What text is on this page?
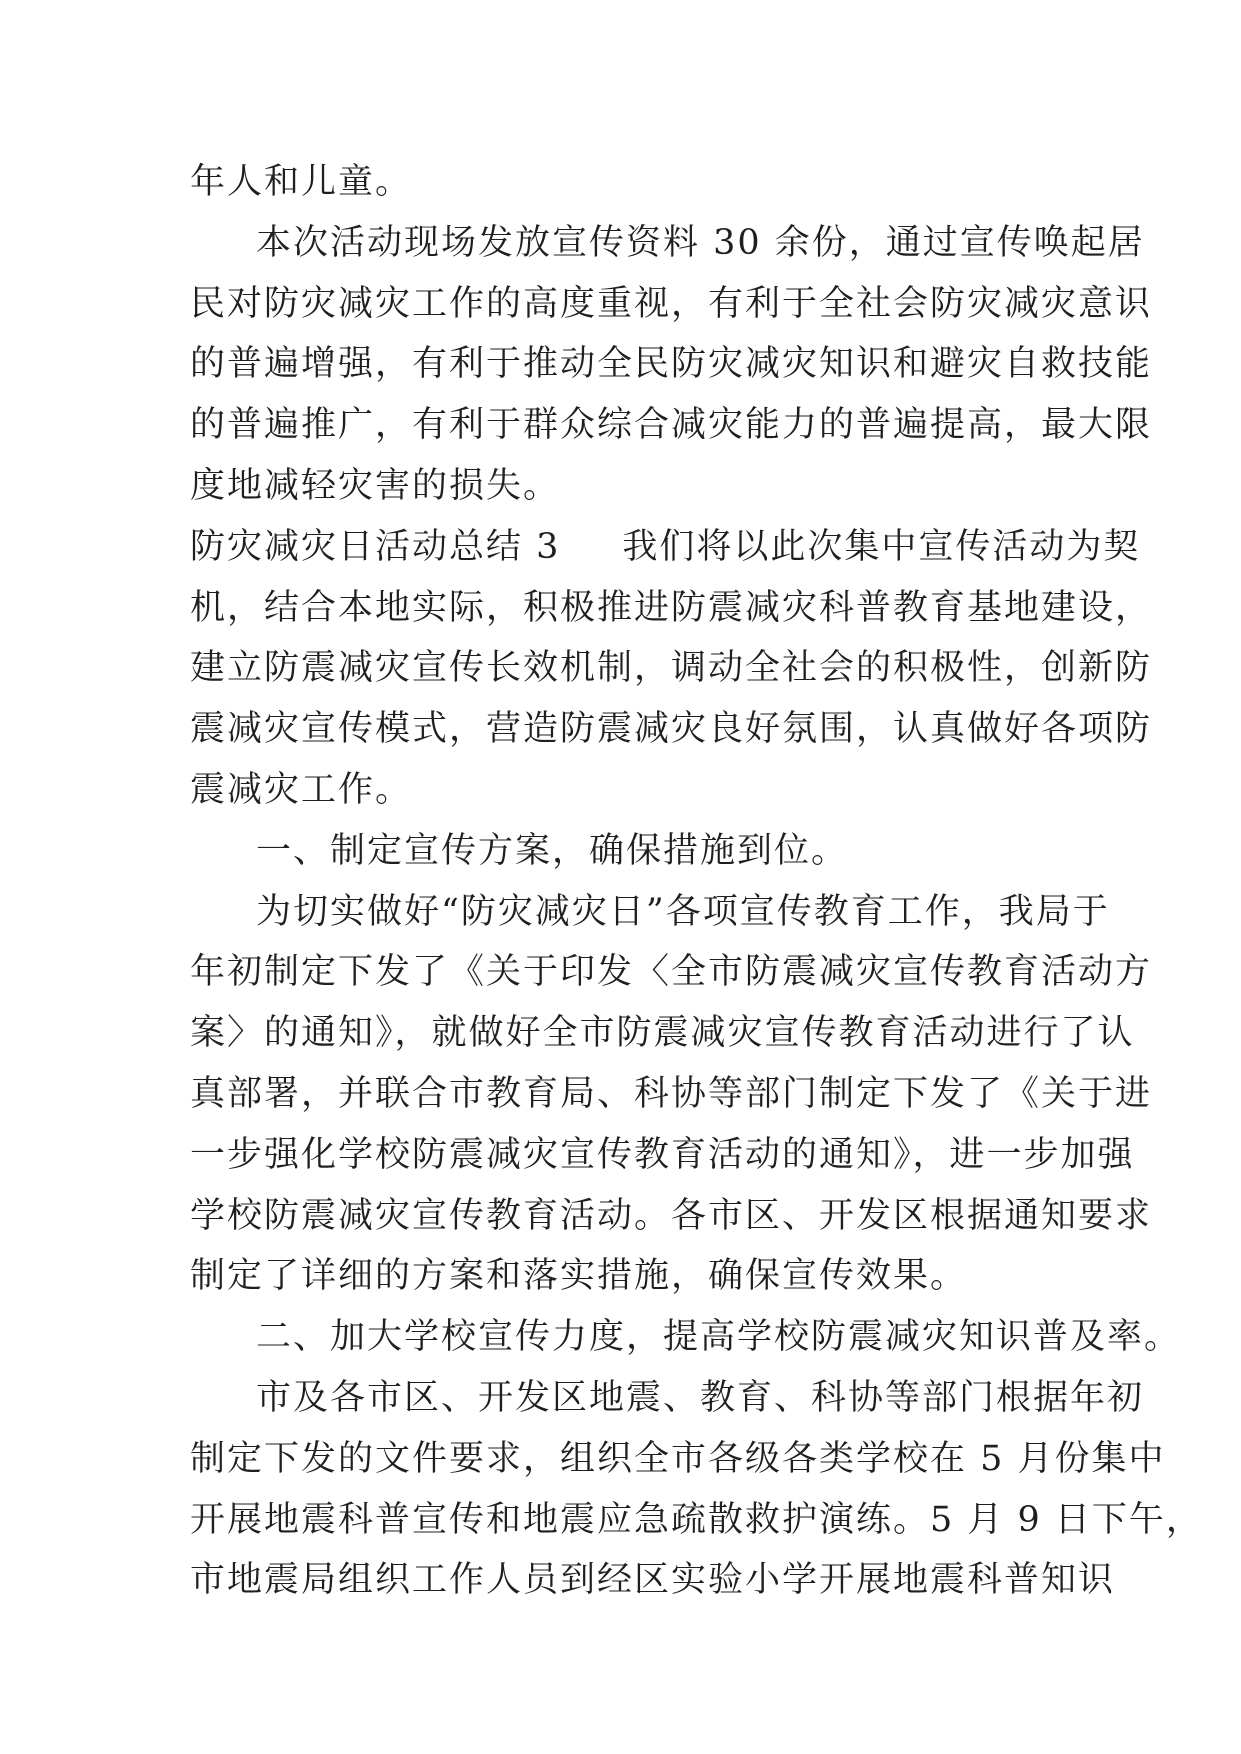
年人和儿童。
本次活动现场发放宣传资料 30 余份，通过宣传唤起居
民对防灾减灾工作的高度重视，有利于全社会防灾减灾意识
的普遍增强，有利于推动全民防灾减灾知识和避灾自救技能
的普遍推广，有利于群众综合减灾能力的普遍提高，最大限
度地减轻灾害的损失。
防灾减灾日活动总结 3 我们将以此次集中宣传活动为契
机，结合本地实际，积极推进防震减灾科普教育基地建设，
建立防震减灾宣传长效机制，调动全社会的积极性，创新防
震减灾宣传模式，营造防震减灾良好氛围，认真做好各项防
震减灾工作。
一、制定宣传方案，确保措施到位。
为切实做好“防灾减灾日”各项宣传教育工作，我局于
年初制定下发了《关于印发〈全市防震减灾宣传教育活动方
案〉的通知》，就做好全市防震减灾宣传教育活动进行了认
真部署，并联合市教育局、科协等部门制定下发了《关于进
一步强化学校防震减灾宣传教育活动的通知》，进一步加强
学校防震减灾宣传教育活动。各市区、开发区根据通知要求
制定了详细的方案和落实措施，确保宣传效果。
二、加大学校宣传力度，提高学校防震减灾知识普及率。
市及各市区、开发区地震、教育、科协等部门根据年初
制定下发的文件要求，组织全市各级各类学校在 5 月份集中
开展地震科普宣传和地震应急疏散救护演练。5 月 9 日下午，
市地震局组织工作人员到经区实验小学开展地震科普知识
